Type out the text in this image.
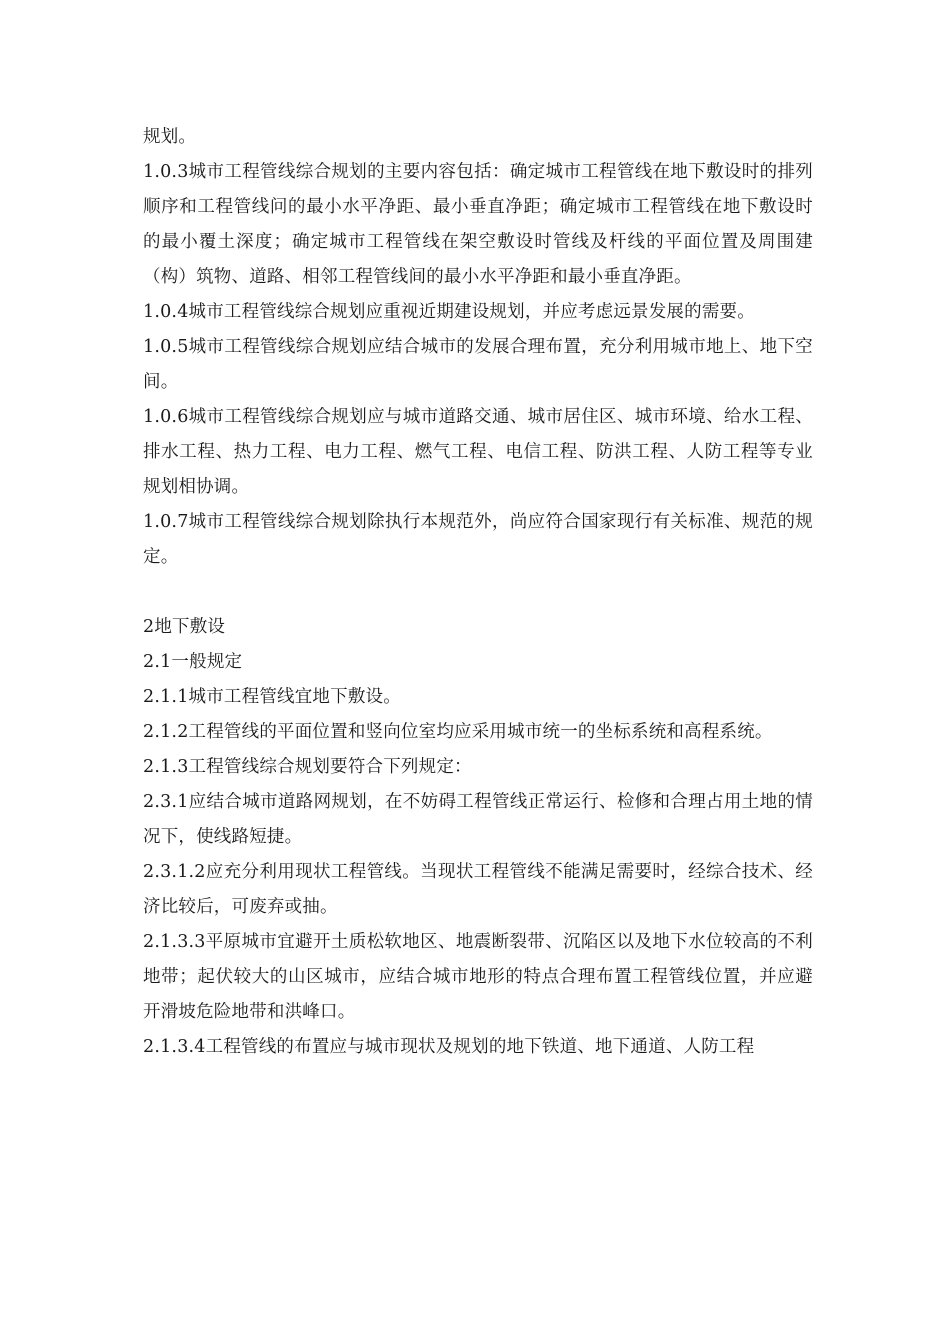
规划。

1.0.3城市工程管线综合规划的主要内容包括：确定城市工程管线在地下敷设时的排列顺序和工程管线问的最小水平净距、最小垂直净距；确定城市工程管线在地下敷设时的最小覆土深度；确定城市工程管线在架空敷设时管线及杆线的平面位置及周围建（构）筑物、道路、相邻工程管线间的最小水平净距和最小垂直净距。

1.0.4城市工程管线综合规划应重视近期建设规划，并应考虑远景发展的需要。

1.0.5城市工程管线综合规划应结合城市的发展合理布置，充分利用城市地上、地下空间。

1.0.6城市工程管线综合规划应与城市道路交通、城市居住区、城市环境、给水工程、排水工程、热力工程、电力工程、燃气工程、电信工程、防洪工程、人防工程等专业规划相协调。

1.0.7城市工程管线综合规划除执行本规范外，尚应符合国家现行有关标准、规范的规定。

2地下敷设

2.1一般规定

2.1.1城市工程管线宜地下敷设。

2.1.2工程管线的平面位置和竖向位室均应采用城市统一的坐标系统和高程系统。

2.1.3工程管线综合规划要符合下列规定：

2.3.1应结合城市道路网规划，在不妨碍工程管线正常运行、检修和合理占用土地的情况下，使线路短捷。

2.3.1.2应充分利用现状工程管线。当现状工程管线不能满足需要时，经综合技术、经济比较后，可废弃或抽。

2.1.3.3平原城市宜避开土质松软地区、地震断裂带、沉陷区以及地下水位较高的不利地带；起伏较大的山区城市，应结合城市地形的特点合理布置工程管线位置，并应避开滑坡危险地带和洪峰口。

2.1.3.4工程管线的布置应与城市现状及规划的地下铁道、地下通道、人防工程
